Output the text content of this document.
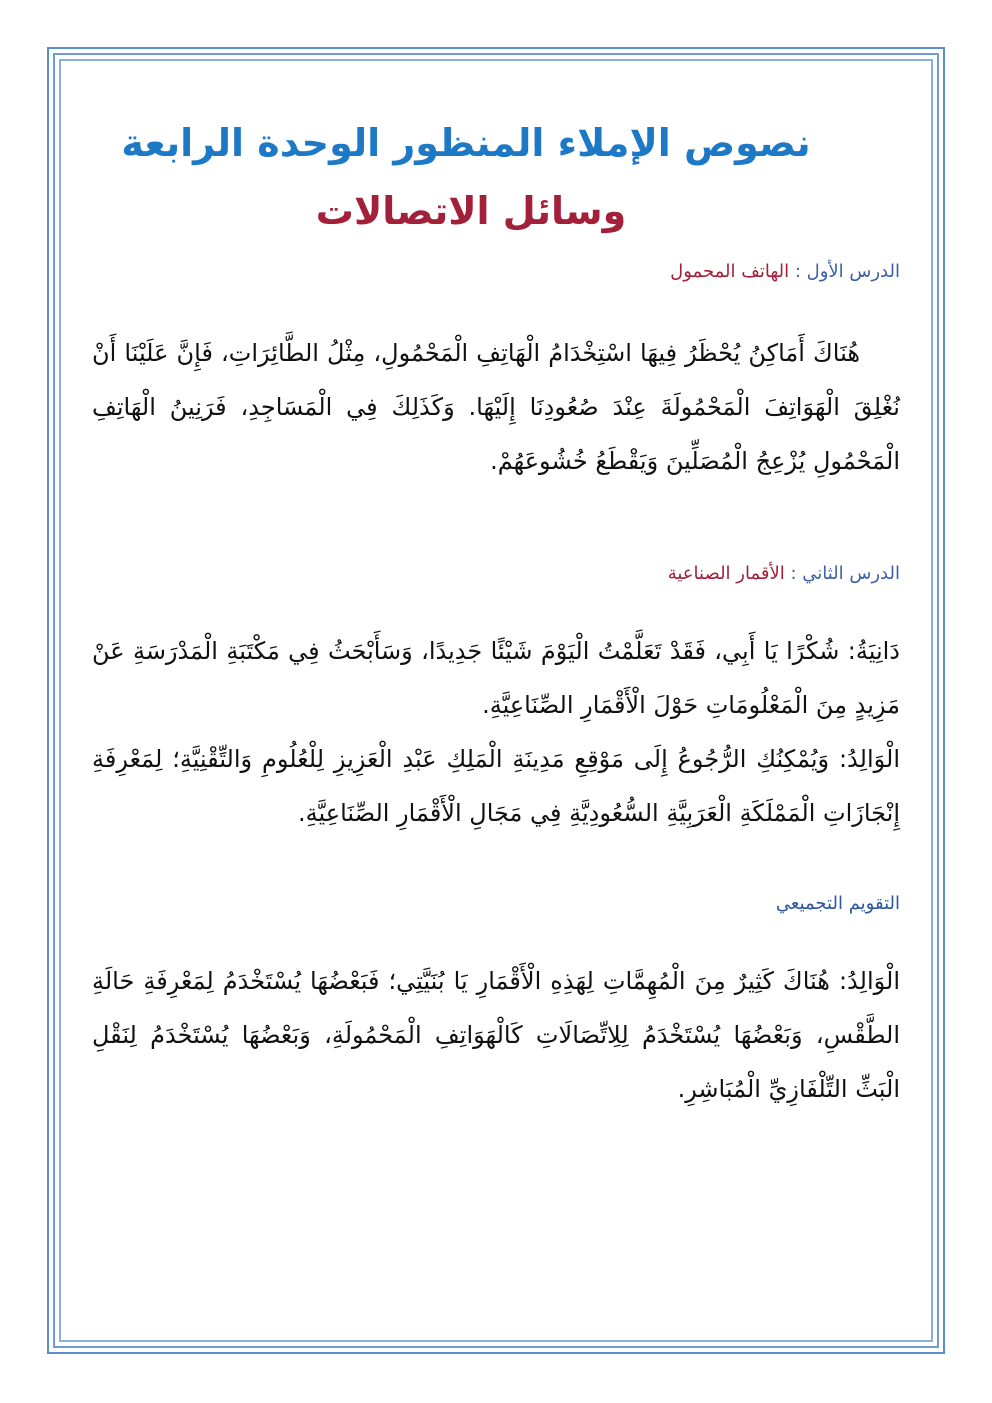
نصوص الإملاء المنظور الوحدة الرابعة
وسائل الاتصالات

الدرس الأول : الهاتف المحمول

هُنَاكَ أَمَاكِنُ يُحْظَرُ فِيهَا اسْتِخْدَامُ الْهَاتِفِ الْمَحْمُولِ، مِثْلُ الطَّائِرَاتِ، فَإِنَّ عَلَيْنَا أَنْ نُغْلِقَ الْهَوَاتِفَ الْمَحْمُولَةَ عِنْدَ صُعُودِنَا إِلَيْهَا. وَكَذَلِكَ فِي الْمَسَاجِدِ، فَرَنِينُ الْهَاتِفِ الْمَحْمُولِ يُزْعِجُ الْمُصَلِّينَ وَيَقْطَعُ خُشُوعَهُمْ.

الدرس الثاني : الأقمار الصناعية

دَانِيَةُ: شُكْرًا يَا أَبِي، فَقَدْ تَعَلَّمْتُ الْيَوْمَ شَيْئًا جَدِيدًا، وَسَأَبْحَثُ فِي مَكْتَبَةِ الْمَدْرَسَةِ عَنْ مَزِيدٍ مِنَ الْمَعْلُومَاتِ حَوْلَ الْأَقْمَارِ الصِّنَاعِيَّةِ.
الْوَالِدُ: وَيُمْكِنُكِ الرُّجُوعُ إِلَى مَوْقِعِ مَدِينَةِ الْمَلِكِ عَبْدِ الْعَزِيزِ لِلْعُلُومِ وَالتِّقْنِيَّةِ؛ لِمَعْرِفَةِ إِنْجَازَاتِ الْمَمْلَكَةِ الْعَرَبِيَّةِ السُّعُودِيَّةِ فِي مَجَالِ الْأَقْمَارِ الصِّنَاعِيَّةِ.

التقويم التجميعي

الْوَالِدُ: هُنَاكَ كَثِيرٌ مِنَ الْمُهِمَّاتِ لِهَذِهِ الْأَقْمَارِ يَا بُنَيَّتِي؛ فَبَعْضُهَا يُسْتَخْدَمُ لِمَعْرِفَةِ حَالَةِ الطَّقْسِ، وَبَعْضُهَا يُسْتَخْدَمُ لِلِاتِّصَالَاتِ كَالْهَوَاتِفِ الْمَحْمُولَةِ، وَبَعْضُهَا يُسْتَخْدَمُ لِنَقْلِ الْبَثِّ التِّلْفَازِيِّ الْمُبَاشِرِ.
